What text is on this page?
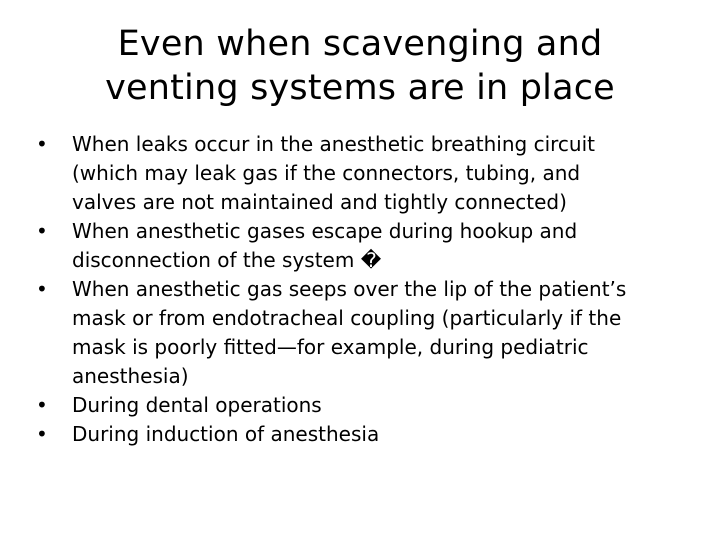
Even when scavenging and
venting systems are in place
•	When leaks occur in the anesthetic breathing circuit
(which may leak gas if the connectors, tubing, and
valves are not maintained and tightly connected)
•	When anesthetic gases escape during hookup and
disconnection of the system �
•	When anesthetic gas seeps over the lip of the patient’s
mask or from endotracheal coupling (particularly if the
mask is poorly fitted—for example, during pediatric
anesthesia)
•	During dental operations
•	During induction of anesthesia
